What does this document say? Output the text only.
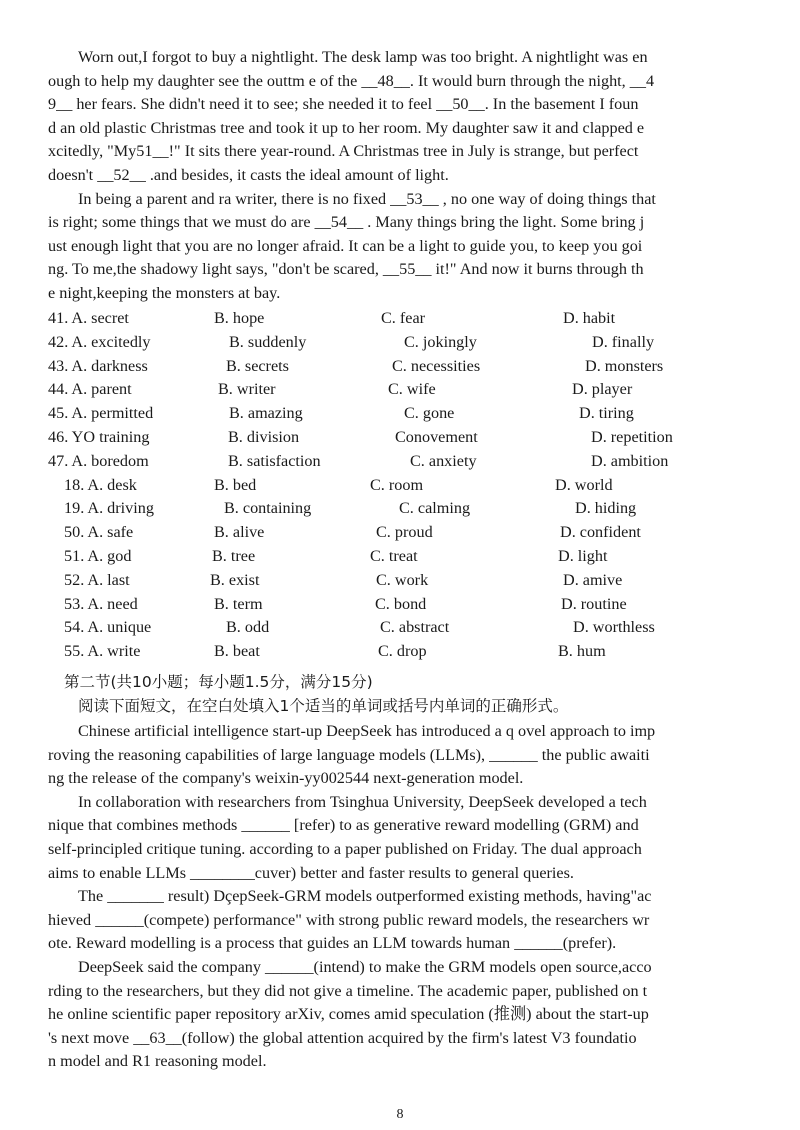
Worn out,I forgot to buy a nightlight. The desk lamp was too bright. A nightlight was en
ough to help my daughter see the outtm e of the __48__. It would burn through the night, __4
9__ her fears. She didn't need it to see; she needed it to feel __50__. In the basement I foun
d an old plastic Christmas tree and took it up to her room. My daughter saw it and clapped e
xcitedly, "My51__!" It sits there year-round. A Christmas tree in July is strange, but perfect
doesn't __52__ .and besides, it casts the ideal amount of light.
In being a parent and ra writer, there is no fixed __53__ , no one way of doing things that
is right; some things that we must do are __54__ . Many things bring the light. Some bring j
ust enough light that you are no longer afraid. It can be a light to guide you, to keep you goi
ng. To me,the shadowy light says, "don't be scared, __55__ it!" And now it burns through th
e night,keeping the monsters at bay.
41. A. secret	B. hope	C. fear	D. habit
42. A. excitedly	B. suddenly	C. jokingly	D. finally
43. A. darkness	B. secrets	C. necessities	D. monsters
44. A. parent	B. writer	C. wife	D. player
45. A. permitted	B. amazing	C. gone	D. tiring
46. YO training	B. division	Conovement	D. repetition
47. A. boredom	B. satisfaction	C. anxiety	D. ambition
18. A. desk	B. bed	C. room	D. world
19. A. driving	B. containing	C. calming	D. hiding
50. A. safe	B. alive	C. proud	D. confident
51. A. god	B. tree	C. treat	D. light
52. A. last	B. exist	C. work	D. amive
53. A. need	B. term	C. bond	D. routine
54. A. unique	B. odd	C. abstract	D. worthless
55. A. write	B. beat	C. drop	B. hum
第二节(共10小题；每小题1.5分，满分15分)
阅读下面短文，在空白处填入1个适当的单词或括号内单词的正确形式。
Chinese artificial intelligence start-up DeepSeek has introduced a q ovel approach to imp
roving the reasoning capabilities of large language models (LLMs), ______ the public awaiti
ng the release of the company's weixin-yy002544 next-generation model.
In collaboration with researchers from Tsinghua University, DeepSeek developed a tech
nique that combines methods ______ [refer) to as generative reward modelling (GRM) and
self-principled critique tuning. according to a paper published on Friday. The dual approach
aims to enable LLMs ________cuver) better and faster results to general queries.
The _______ result) DçepSeek-GRM models outperformed existing methods, having"ac
hieved ______(compete) performance" with strong public reward models, the researchers wr
ote. Reward modelling is a process that guides an LLM towards human ______(prefer).
DeepSeek said the company ______(intend) to make the GRM models open source,acco
rding to the researchers, but they did not give a timeline. The academic paper, published on t
he online scientific paper repository arXiv, comes amid speculation (推测) about the start-up
's next move __63__(follow) the global attention acquired by the firm's latest V3 foundatio
n model and R1 reasoning model.
8
